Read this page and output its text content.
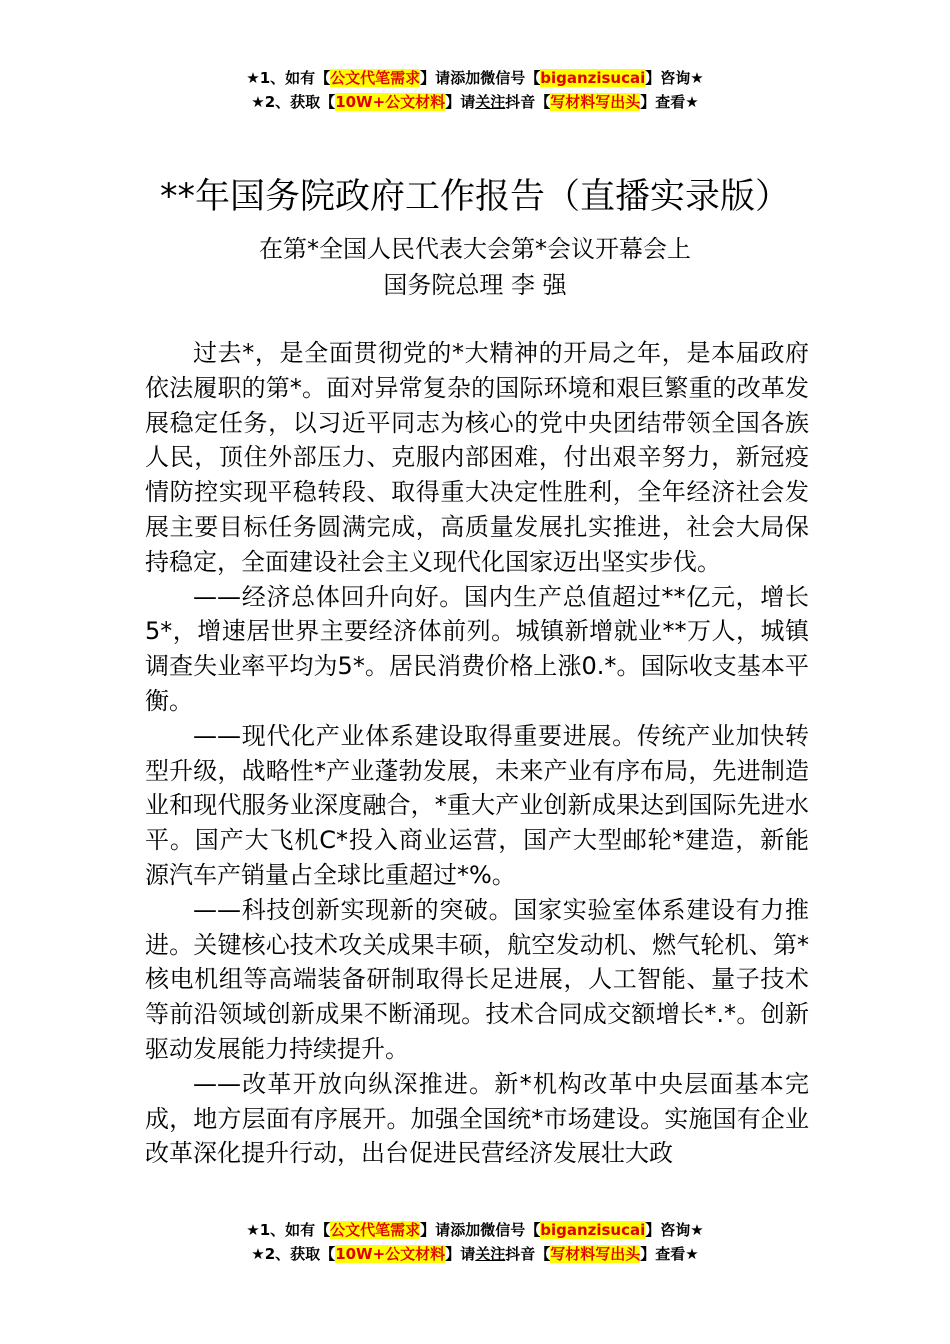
★1、如有【公文代笔需求】请添加微信号【biganzisucai】咨询★
★2、获取【10W+公文材料】请关注抖音【写材料写出头】查看★
**年国务院政府工作报告（直播实录版）
在第*全国人民代表大会第*会议开幕会上
国务院总理 李 强

过去*，是全面贯彻党的*大精神的开局之年，是本届政府依法履职的第*。面对异常复杂的国际环境和艰巨繁重的改革发展稳定任务，以习近平同志为核心的党中央团结带领全国各族人民，顶住外部压力、克服内部困难，付出艰辛努力，新冠疫情防控实现平稳转段、取得重大决定性胜利，全年经济社会发展主要目标任务圆满完成，高质量发展扎实推进，社会大局保持稳定，全面建设社会主义现代化国家迈出坚实步伐。

——经济总体回升向好。国内生产总值超过**亿元，增长5*，增速居世界主要经济体前列。城镇新增就业**万人，城镇调查失业率平均为5*。居民消费价格上涨0.*。国际收支基本平衡。

——现代化产业体系建设取得重要进展。传统产业加快转型升级，战略性*产业蓬勃发展，未来产业有序布局，先进制造业和现代服务业深度融合，*重大产业创新成果达到国际先进水平。国产大飞机C*投入商业运营，国产大型邮轮*建造，新能源汽车产销量占全球比重超过*%。

——科技创新实现新的突破。国家实验室体系建设有力推进。关键核心技术攻关成果丰硕，航空发动机、燃气轮机、第*核电机组等高端装备研制取得长足进展，人工智能、量子技术等前沿领域创新成果不断涌现。技术合同成交额增长*.*。创新驱动发展能力持续提升。

——改革开放向纵深推进。新*机构改革中央层面基本完成，地方层面有序展开。加强全国统*市场建设。实施国有企业改革深化提升行动，出台促进民营经济发展壮大政

★1、如有【公文代笔需求】请添加微信号【biganzisucai】咨询★
★2、获取【10W+公文材料】请关注抖音【写材料写出头】查看★
